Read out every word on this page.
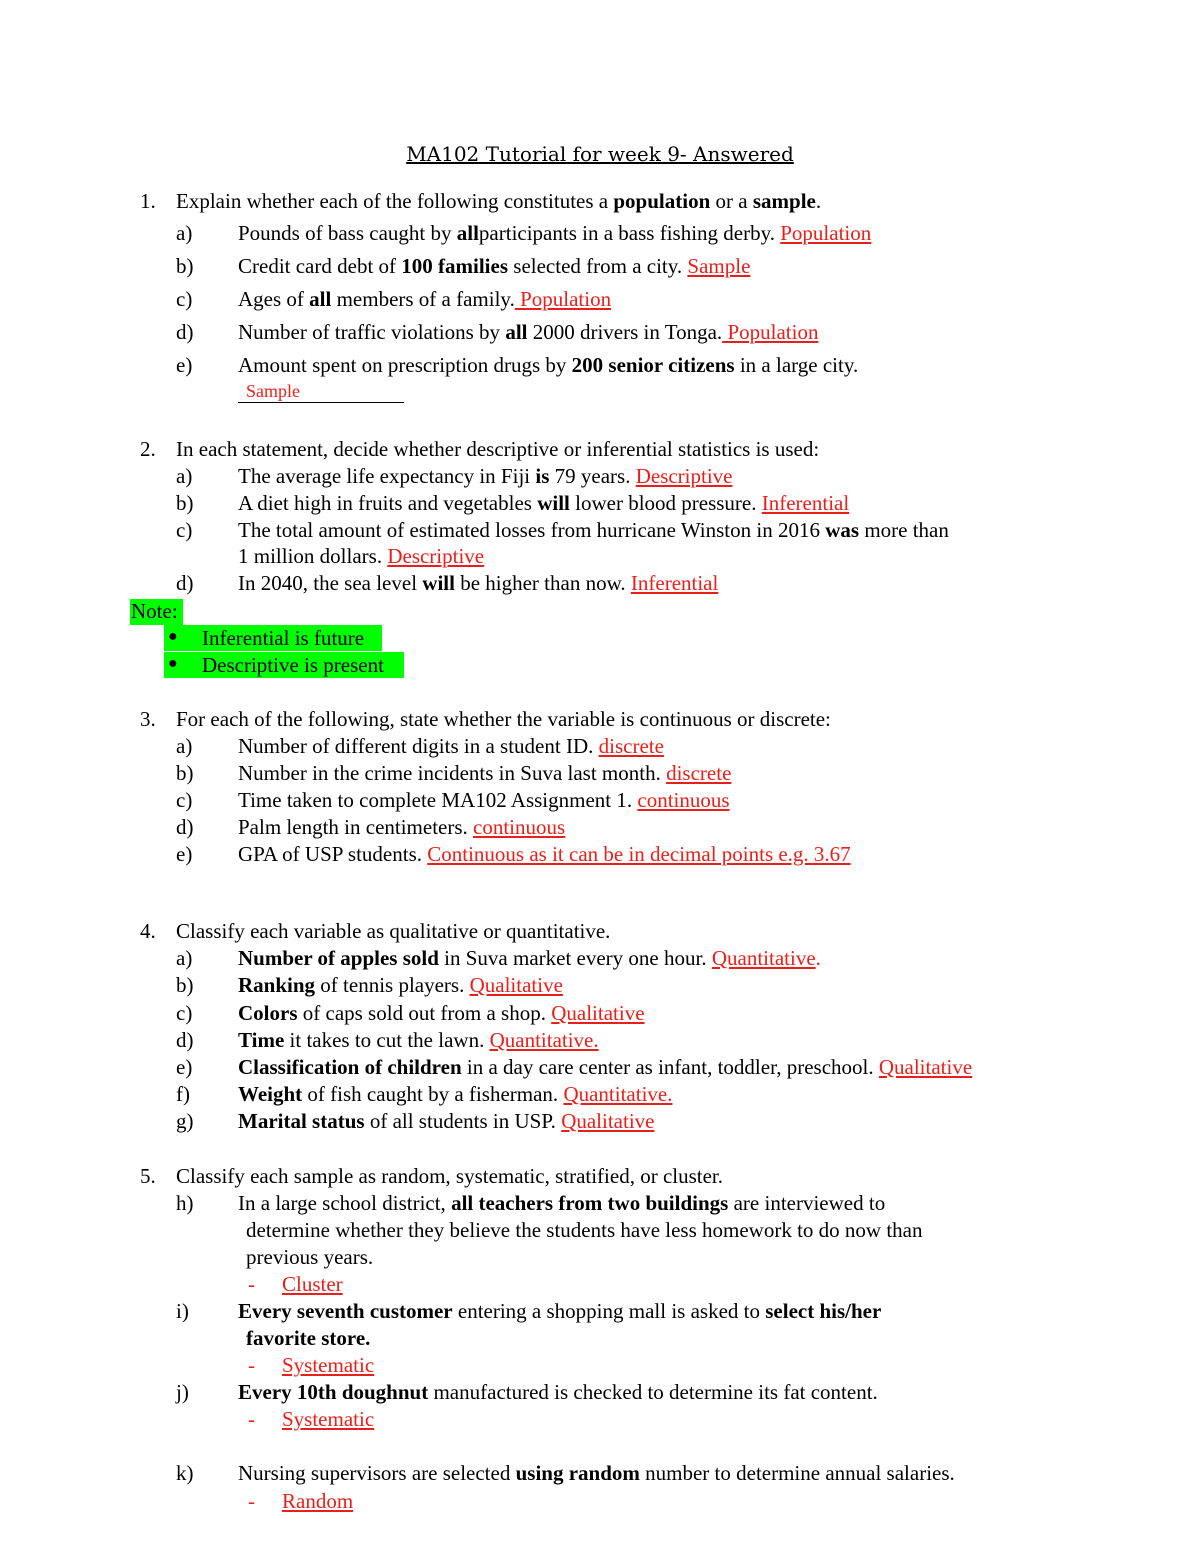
MA102 Tutorial for week 9- Answered
1. Explain whether each of the following constitutes a population or a sample.
a) Pounds of bass caught by allparticipants in a bass fishing derby. Population
b) Credit card debt of 100 families selected from a city. Sample
c) Ages of all members of a family. Population
d) Number of traffic violations by all 2000 drivers in Tonga. Population
e) Amount spent on prescription drugs by 200 senior citizens in a large city.
Sample
2. In each statement, decide whether descriptive or inferential statistics is used:
a) The average life expectancy in Fiji is 79 years. Descriptive
b) A diet high in fruits and vegetables will lower blood pressure. Inferential
c) The total amount of estimated losses from hurricane Winston in 2016 was more than
1 million dollars. Descriptive
d) In 2040, the sea level will be higher than now. Inferential
Note:
● Inferential is future
● Descriptive is present
3. For each of the following, state whether the variable is continuous or discrete:
a) Number of different digits in a student ID. discrete
b) Number in the crime incidents in Suva last month. discrete
c) Time taken to complete MA102 Assignment 1. continuous
d) Palm length in centimeters. continuous
e) GPA of USP students. Continuous as it can be in decimal points e.g. 3.67
4. Classify each variable as qualitative or quantitative.
a) Number of apples sold in Suva market every one hour. Quantitative.
b) Ranking of tennis players. Qualitative
c) Colors of caps sold out from a shop. Qualitative
d) Time it takes to cut the lawn. Quantitative.
e) Classification of children in a day care center as infant, toddler, preschool. Qualitative
f) Weight of fish caught by a fisherman. Quantitative.
g) Marital status of all students in USP. Qualitative
5. Classify each sample as random, systematic, stratified, or cluster.
h) In a large school district, all teachers from two buildings are interviewed to
determine whether they believe the students have less homework to do now than
previous years.
- Cluster
i) Every seventh customer entering a shopping mall is asked to select his/her
favorite store.
- Systematic
j) Every 10th doughnut manufactured is checked to determine its fat content.
- Systematic
k) Nursing supervisors are selected using random number to determine annual salaries.
- Random
